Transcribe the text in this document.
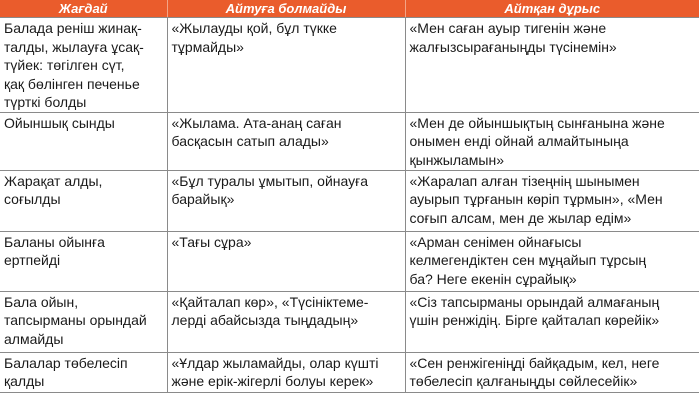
Жағдай	Айтуға болмайды	Айтқан дұрыс
Балада реніш жинақ-
талды, жылауға ұсақ-
түйек: төгілген сүт,
қақ бөлінген печенье
түрткі болды	«Жылауды қой, бұл түкке
тұрмайды»	«Мен саған ауыр тигенін және
жалғызсырағаныңды түсінемін»
Ойыншық сынды	«Жылама. Ата-анаң саған
басқасын сатып алады»	«Мен де ойыншықтың сынғанына және
онымен енді ойнай алмайтыныңа
қынжыламын»
Жарақат алды,
соғылды	«Бұл туралы ұмытып, ойнауға
барайық»	«Жаралап алған тізеңнің шынымен
ауырып тұрғанын көріп тұрмын», «Мен
соғып алсам, мен де жылар едім»
Баланы ойынға
ертпейді	«Тағы сұра»	«Арман сенімен ойнағысы
келмегендіктен сен мұңайып тұрсың
ба? Неге екенін сұрайық»
Бала ойын,
тапсырманы орындай
алмайды	«Қайталап көр», «Түсініктеме-
лерді абайсызда тыңдадың»	«Сіз тапсырманы орындай алмағаның
үшін ренжідің. Бірге қайталап көрейік»
Балалар төбелесіп
қалды	«Ұлдар жыламайды, олар күшті
және ерік-жігерлі болуы керек»	«Сен ренжігеніңді байқадым, кел, неге
төбелесіп қалғаныңды сөйлесейік»
